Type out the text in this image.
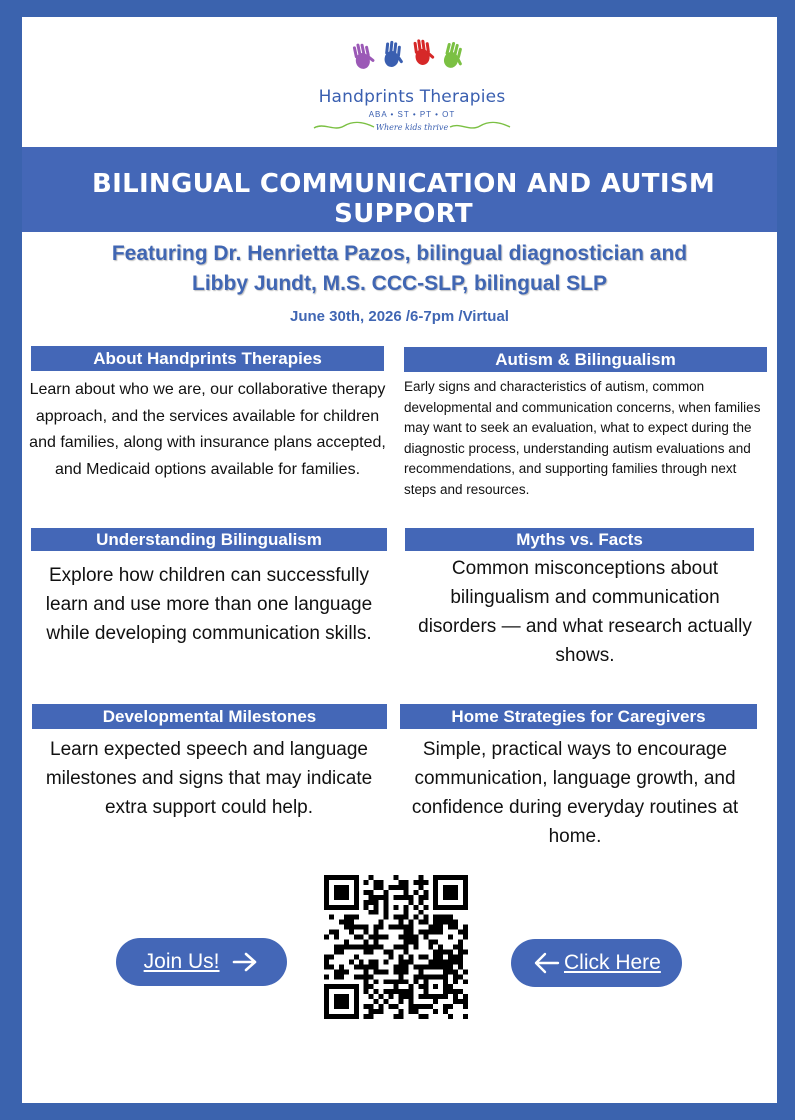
Handprints Therapies
ABA • ST • PT • OT
Where kids thrive
BILINGUAL COMMUNICATION AND AUTISM SUPPORT
Featuring Dr. Henrietta Pazos, bilingual diagnostician and
Libby Jundt, M.S. CCC-SLP, bilingual SLP
June 30th, 2026 /6-7pm /Virtual
About Handprints Therapies
Learn about who we are, our collaborative therapy approach, and the services available for children and families, along with insurance plans accepted, and Medicaid options available for families.
Autism & Bilingualism
Early signs and characteristics of autism, common developmental and communication concerns, when families may want to seek an evaluation, what to expect during the diagnostic process, understanding autism evaluations and recommendations, and supporting families through next steps and resources.
Understanding Bilingualism
Explore how children can successfully learn and use more than one language while developing communication skills.
Myths vs. Facts
Common misconceptions about bilingualism and communication disorders — and what research actually shows.
Developmental Milestones
Learn expected speech and language milestones and signs that may indicate extra support could help.
Home Strategies for Caregivers
Simple, practical ways to encourage communication, language growth, and confidence during everyday routines at home.
Join Us!	Click Here
